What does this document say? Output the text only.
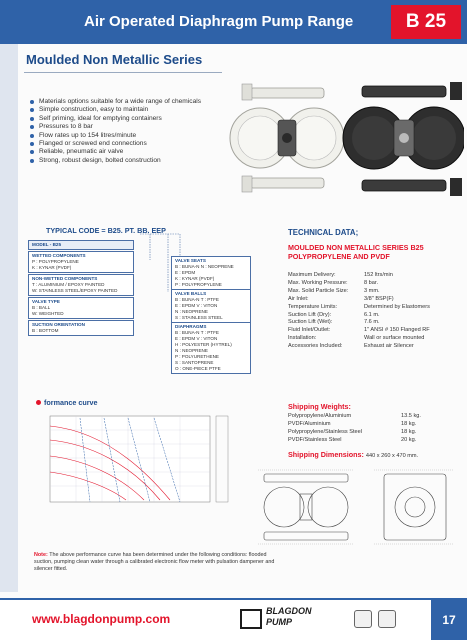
Air Operated Diaphragm Pump Range	B 25
Moulded Non Metallic Series
Materials options suitable for a wide range of chemicals
Simple construction, easy to maintain
Self priming, ideal for emptying containers
Pressures to 8 bar
Flow rates up to 154 litres/minute
Flanged or screwed end connections
Reliable, pneumatic air valve
Strong, robust design, bolted construction
TYPICAL CODE = B25. PT. BB. EEP
MODEL - B25
WETTED COMPONENTS
P : POLYPROPYLENE
K : KYNAR (PVDF)
NON-WETTED COMPONENTS
T : ALUMINIUM / EPOXY PAINTED
W: STAINLESS STEEL/EPOXY PAINTED
VALVE TYPE
B : BALL
W: WEIGHTED
SUCTION ORIENTATION
B : BOTTOM
VALVE SEATS
B : BUNA-N N : NEOPRENE
E : EPDM
K : KYNAR (PVDF)
P : POLYPROPYLENE
VALVE BALLS
B : BUNA-N T : PTFE
E : EPDM V : VITON
N : NEOPRENE
S : STAINLESS STEEL
DIAPHRAGMS
B : BUNA-N T : PTFE
E : EPDM V : VITON
H : POLYESTER (HYTREL)
N : NEOPRENE
P : POLYURETHENE
S : SANTOPRENE
O : ONE-PIECE PTFE
TECHNICAL DATA;
MOULDED NON METALLIC SERIES B25 POLYPROPYLENE AND PVDF
Maximum Delivery:	152 ltrs/min
Max. Working Pressure:	8 bar.
Max. Solid Particle Size:	3 mm.
Air Inlet:	3/8" BSP(F)
Temperature Limits:	Determined by Elastomers
Suction Lift (Dry):	6.1 m.
Suction Lift (Wet):	7.6 m.
Fluid Inlet/Outlet:	1" ANSI # 150 Flanged RF
Installation:	Wall or surface mounted
Accessories Included:	Exhaust air Silencer
Shipping Weights:
Polypropylene/Aluminium	13.5 kg.
PVDF/Aluminium	18 kg.
Polypropylene/Stainless Steel	18 kg.
PVDF/Stainless Steel	20 kg.
Shipping Dimensions: 440 x 260 x 470 mm.
formance curve
Note: The above performance curve has been determined under the following conditions: flooded suction, pumping clean water through a calibrated electronic flow meter with pulsation dampener and silencer fitted.
www.blagdonpump.com
BLAGDON
PUMP	17
